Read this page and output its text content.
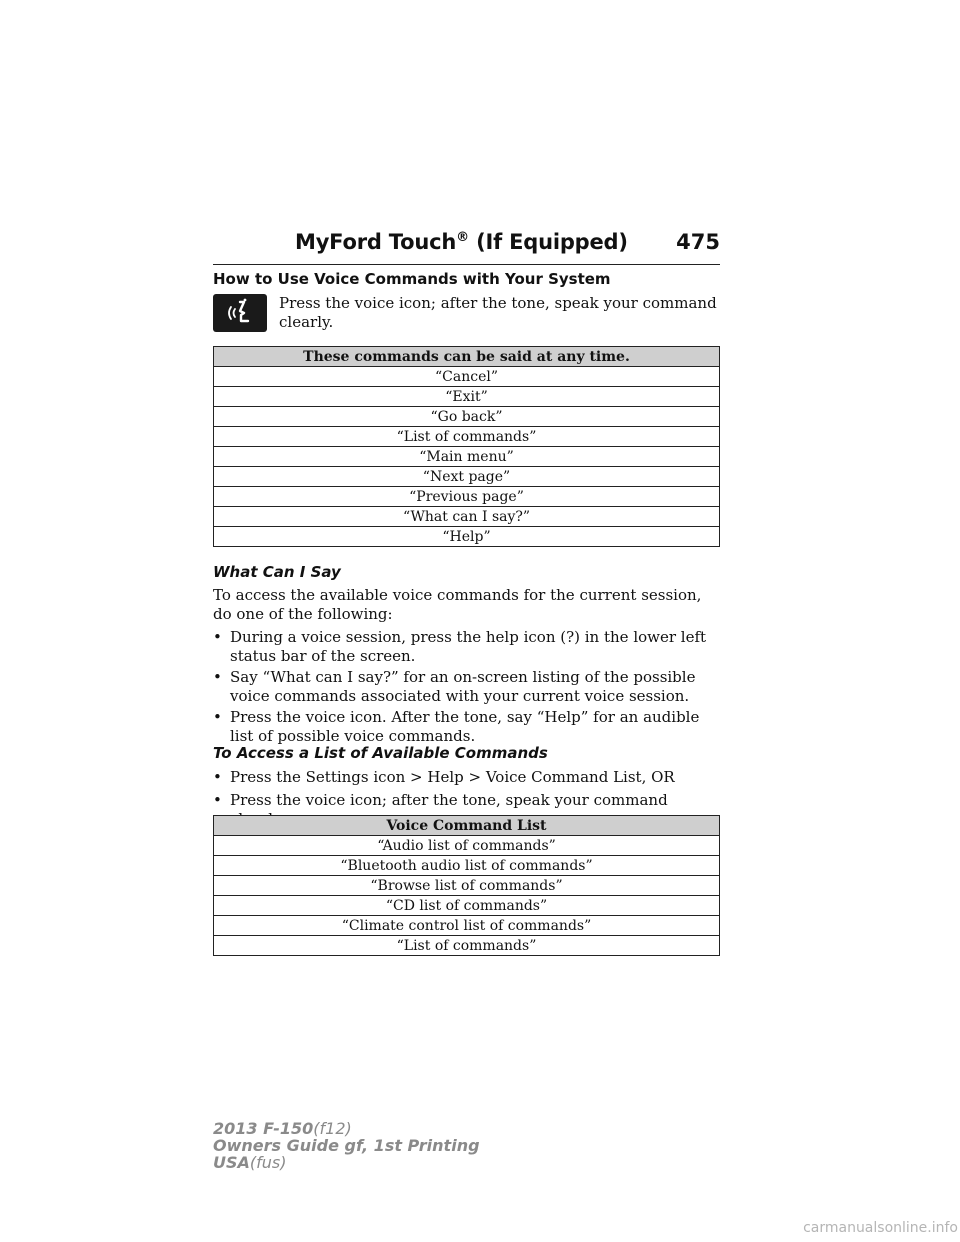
MyFord Touch® (If Equipped) 475
How to Use Voice Commands with Your System
Press the voice icon; after the tone, speak your command clearly.
These commands can be said at any time.
“Cancel”
“Exit”
“Go back”
“List of commands”
“Main menu”
“Next page”
“Previous page”
“What can I say?”
“Help”
What Can I Say
To access the available voice commands for the current session, do one of the following:
• During a voice session, press the help icon (?) in the lower left status bar of the screen.
• Say “What can I say?” for an on-screen listing of the possible voice commands associated with your current voice session.
• Press the voice icon. After the tone, say “Help” for an audible list of possible voice commands.
To Access a List of Available Commands
• Press the Settings icon > Help > Voice Command List, OR
• Press the voice icon; after the tone, speak your command
Voice Command List
“Audio list of commands”
“Bluetooth audio list of commands”
“Browse list of commands”
“CD list of commands”
“Climate control list of commands”
“List of commands”
2013 F-150(f12)
Owners Guide gf, 1st Printing
USA(fus)
carmanualsonline.info
